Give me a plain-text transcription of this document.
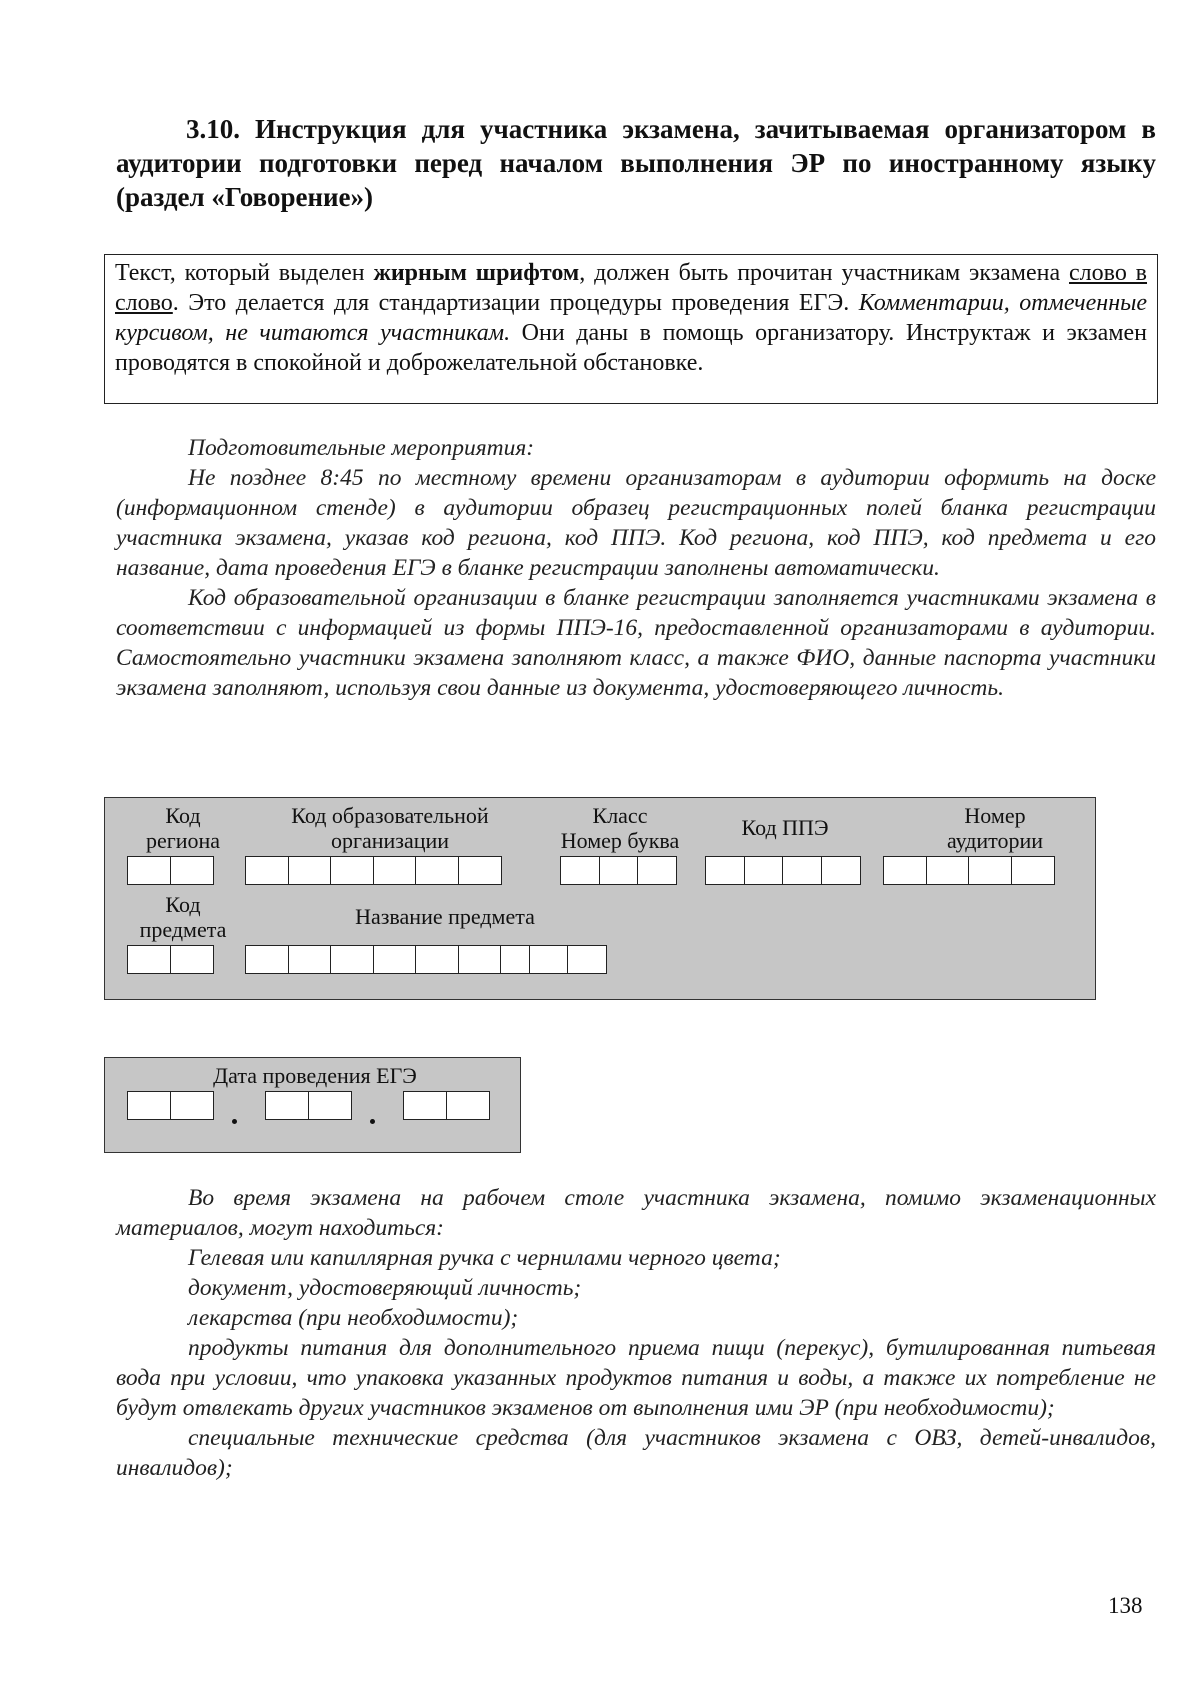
3.10. Инструкция для участника экзамена, зачитываемая организатором в аудитории подготовки перед началом выполнения ЭР по иностранному языку (раздел «Говорение»)
Текст, который выделен жирным шрифтом, должен быть прочитан участникам экзамена слово в слово. Это делается для стандартизации процедуры проведения ЕГЭ. Комментарии, отмеченные курсивом, не читаются участникам. Они даны в помощь организатору. Инструктаж и экзамен проводятся в спокойной и доброжелательной обстановке.

Подготовительные мероприятия:

Не позднее 8:45 по местному времени организаторам в аудитории оформить на доске (информационном стенде) в аудитории образец регистрационных полей бланка регистрации участника экзамена, указав код региона, код ППЭ. Код региона, код ППЭ, код предмета и его название, дата проведения ЕГЭ в бланке регистрации заполнены автоматически.

Код образовательной организации в бланке регистрации заполняется участниками экзамена в соответствии с информацией из формы ППЭ-16, предоставленной организаторами в аудитории. Самостоятельно участники экзамена заполняют класс, а также ФИО, данные паспорта участники экзамена заполняют, используя свои данные из документа, удостоверяющего личность.

Код
региона
Код образовательной
организации
Класс
Номер буква
Код ППЭ	Номер
аудитории
Код
предмета
Название предмета
Дата проведения ЕГЭ

Во время экзамена на рабочем столе участника экзамена, помимо экзаменационных материалов, могут находиться:

Гелевая или капиллярная ручка с чернилами черного цвета;

документ, удостоверяющий личность;

лекарства (при необходимости);

продукты питания для дополнительного приема пищи (перекус), бутилированная питьевая вода при условии, что упаковка указанных продуктов питания и воды, а также их потребление не будут отвлекать других участников экзаменов от выполнения ими ЭР (при необходимости);

специальные технические средства (для участников экзамена с ОВЗ, детей-инвалидов, инвалидов);

138
